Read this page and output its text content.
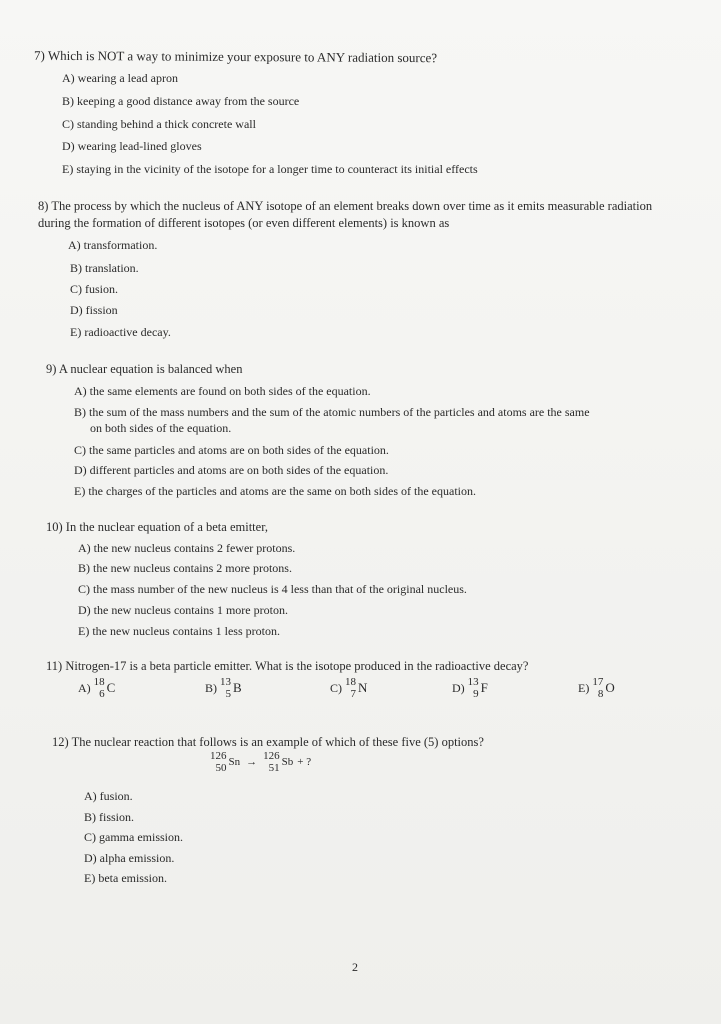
7) Which is NOT a way to minimize your exposure to ANY radiation source?
A) wearing a lead apron
B) keeping a good distance away from the source
C) standing behind a thick concrete wall
D) wearing lead-lined gloves
E) staying in the vicinity of the isotope for a longer time to counteract its initial effects
8) The process by which the nucleus of ANY isotope of an element breaks down over time as it emits measurable radiation during the formation of different isotopes (or even different elements) is known as
A) transformation.
B) translation.
C) fusion.
D) fission
E) radioactive decay.
9) A nuclear equation is balanced when
A) the same elements are found on both sides of the equation.
B) the sum of the mass numbers and the sum of the atomic numbers of the particles and atoms are the same
on both sides of the equation.
C) the same particles and atoms are on both sides of the equation.
D) different particles and atoms are on both sides of the equation.
E) the charges of the particles and atoms are the same on both sides of the equation.
10) In the nuclear equation of a beta emitter,
A) the new nucleus contains 2 fewer protons.
B) the new nucleus contains 2 more protons.
C) the mass number of the new nucleus is 4 less than that of the original nucleus.
D) the new nucleus contains 1 more proton.
E) the new nucleus contains 1 less proton.
11) Nitrogen-17 is a beta particle emitter. What is the isotope produced in the radioactive decay?
A) 18
6 C	B) 13
5 B	C) 18
7 N	D) 13
9 F	E) 17
8 O
12) The nuclear reaction that follows is an example of which of these five (5) options?
126
50 Sn → 126
51 Sb + ?
A) fusion.
B) fission.
C) gamma emission.
D) alpha emission.
E) beta emission.
2
